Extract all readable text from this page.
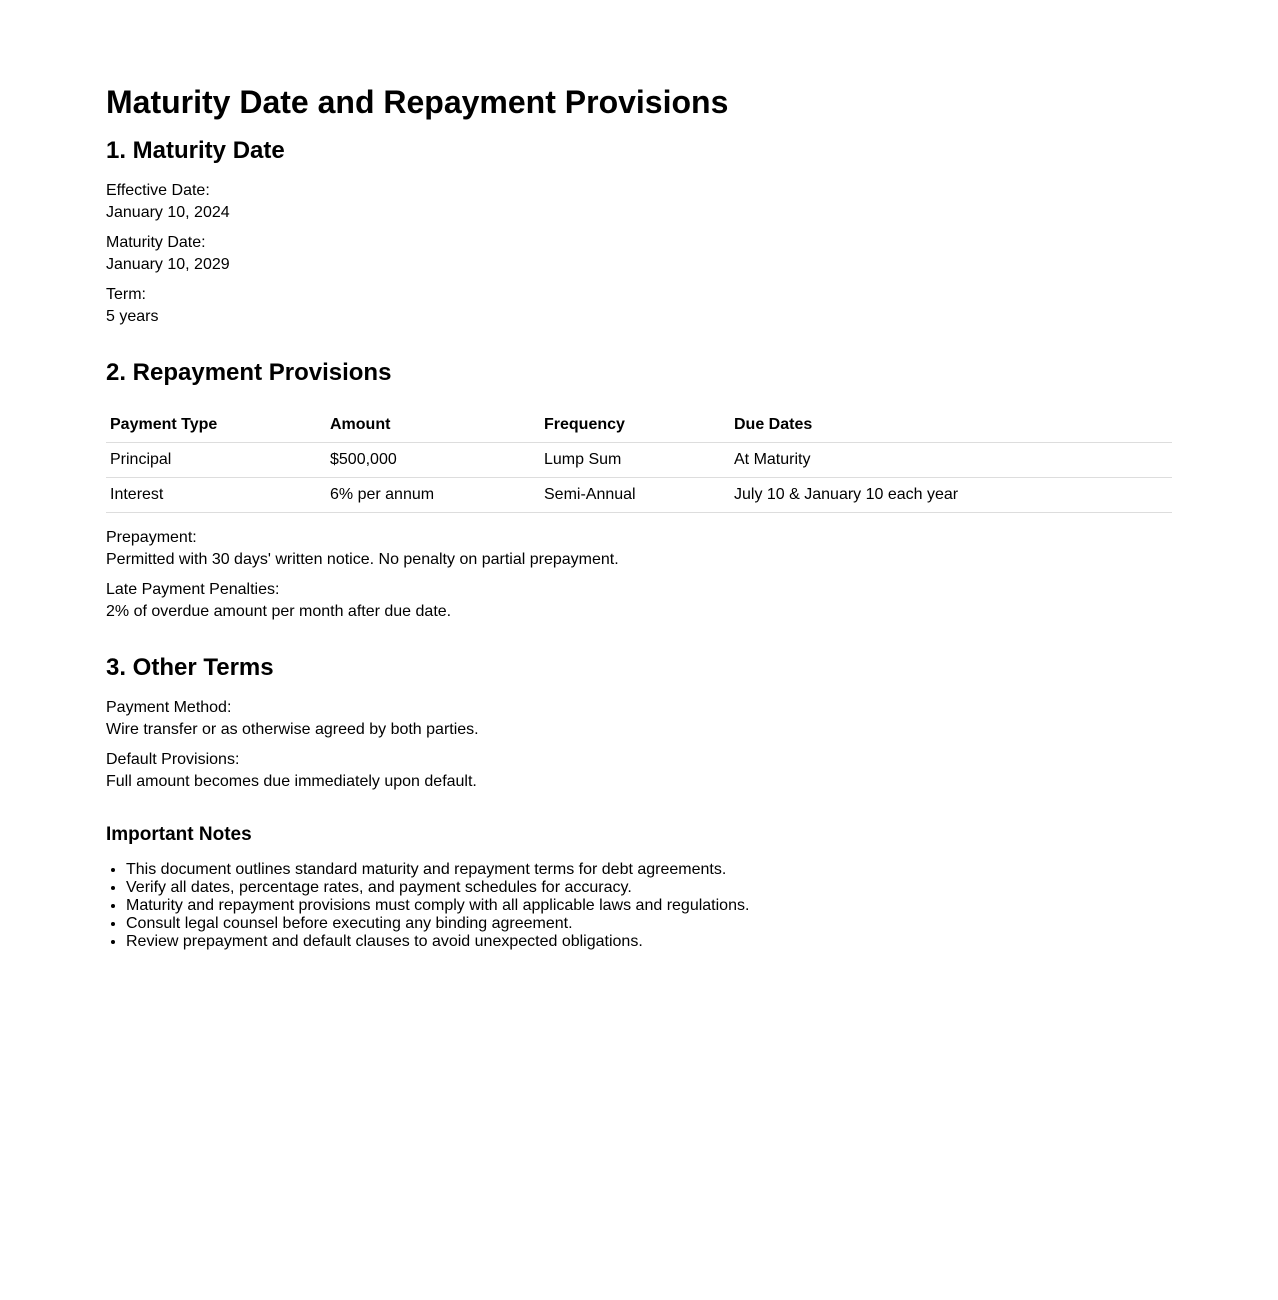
Maturity Date and Repayment Provisions
1. Maturity Date
Effective Date:
January 10, 2024
Maturity Date:
January 10, 2029
Term:
5 years
2. Repayment Provisions
Payment Type	Amount	Frequency	Due Dates
Principal	$500,000	Lump Sum	At Maturity
Interest	6% per annum	Semi-Annual	July 10 & January 10 each year
Prepayment:
Permitted with 30 days' written notice. No penalty on partial prepayment.
Late Payment Penalties:
2% of overdue amount per month after due date.
3. Other Terms
Payment Method:
Wire transfer or as otherwise agreed by both parties.
Default Provisions:
Full amount becomes due immediately upon default.
Important Notes
• This document outlines standard maturity and repayment terms for debt agreements.
• Verify all dates, percentage rates, and payment schedules for accuracy.
• Maturity and repayment provisions must comply with all applicable laws and regulations.
• Consult legal counsel before executing any binding agreement.
• Review prepayment and default clauses to avoid unexpected obligations.
